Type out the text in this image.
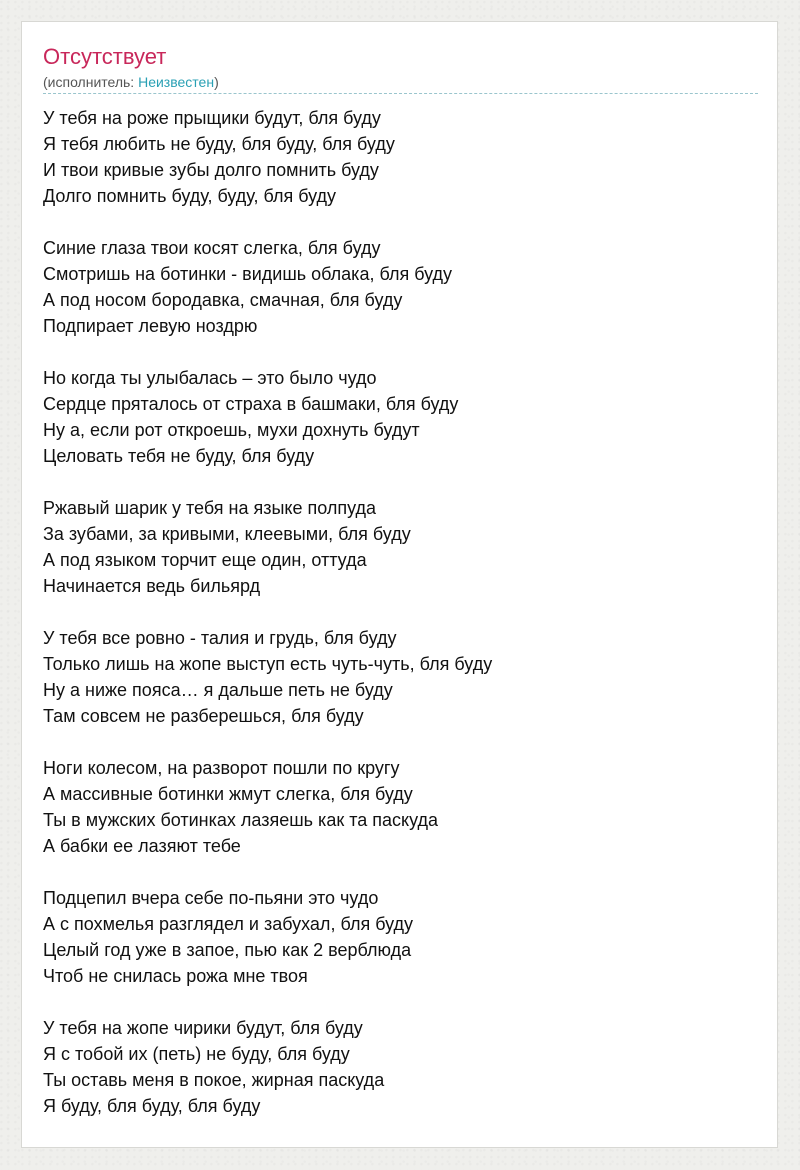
Отсутствует
(исполнитель: Неизвестен)
У тебя на роже прыщики будут, бля буду
Я тебя любить не буду, бля буду, бля буду
И твои кривые зубы долго помнить буду
Долго помнить буду, буду, бля буду
Синие глаза твои косят слегка, бля буду
Смотришь на ботинки - видишь облака, бля буду
А под носом бородавка, смачная, бля буду
Подпирает левую ноздрю
Но когда ты улыбалась – это было чудо
Сердце пряталось от страха в башмаки, бля буду
Ну а, если рот откроешь, мухи дохнуть будут
Целовать тебя не буду, бля буду
Ржавый шарик у тебя на языке полпуда
За зубами, за кривыми, клеевыми, бля буду
А под языком торчит еще один, оттуда
Начинается ведь бильярд
У тебя все ровно - талия и грудь, бля буду
Только лишь на жопе выступ есть чуть-чуть, бля буду
Ну а ниже пояса… я дальше петь не буду
Там совсем не разберешься, бля буду
Ноги колесом, на разворот пошли по кругу
А массивные ботинки жмут слегка, бля буду
Ты в мужских ботинках лазяешь как та паскуда
А бабки ее лазяют тебе
Подцепил вчера себе по-пьяни это чудо
А с похмелья разглядел и забухал, бля буду
Целый год уже в запое, пью как 2 верблюда
Чтоб не снилась рожа мне твоя
У тебя на жопе чирики будут, бля буду
Я с тобой их (петь) не буду, бля буду
Ты оставь меня в покое, жирная паскуда
Я буду, бля буду, бля буду
